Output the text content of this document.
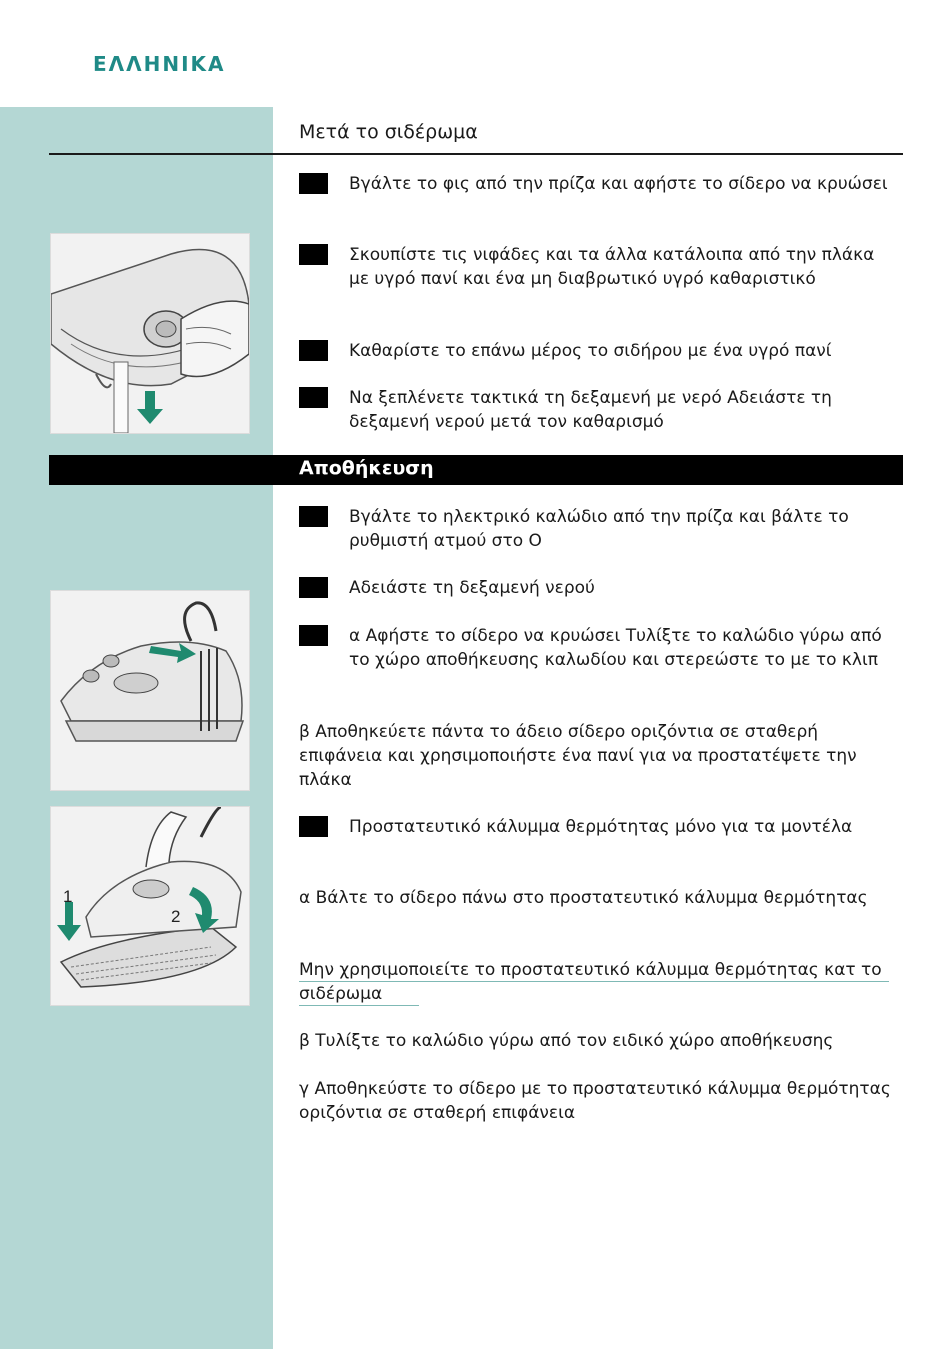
ΕΛΛΗΝΙΚΑ
Μετά το σιδέρωμα
Βγάλτε το φις από την πρίζα και αφήστε το σίδερο να κρυώσει
Σκουπίστε τις νιφάδες και τα άλλα κατάλοιπα από την πλάκα με υγρό πανί και ένα μη διαβρωτικό υγρό καθαριστικό
Καθαρίστε το επάνω μέρος το σιδήρου με ένα υγρό πανί
Να ξεπλένετε τακτικά τη δεξαμενή με νερό Αδειάστε τη δεξαμενή νερού μετά τον καθαρισμό
Αποθήκευση
Βγάλτε το ηλεκτρικό καλώδιο από την πρίζα και βάλτε το ρυθμιστή ατμού στο O
Αδειάστε τη δεξαμενή νερού
α Αφήστε το σίδερο να κρυώσει Τυλίξτε το καλώδιο γύρω από το χώρο αποθήκευσης καλωδίου και στερεώστε το με το κλιπ
β Αποθηκεύετε πάντα το άδειο σίδερο οριζόντια σε σταθερή επιφάνεια και χρησιμοποιήστε ένα πανί για να προστατέψετε την πλάκα
Προστατευτικό κάλυμμα θερμότητας μόνο για τα μοντέλα
1
2
α Βάλτε το σίδερο πάνω στο προστατευτικό κάλυμμα θερμότητας
Μην χρησιμοποιείτε το προστατευτικό κάλυμμα θερμότητας κατ το σιδέρωμα
β Τυλίξτε το καλώδιο γύρω από τον ειδικό χώρο αποθήκευσης
γ Αποθηκεύστε το σίδερο με το προστατευτικό κάλυμμα θερμότητας οριζόντια σε σταθερή επιφάνεια
